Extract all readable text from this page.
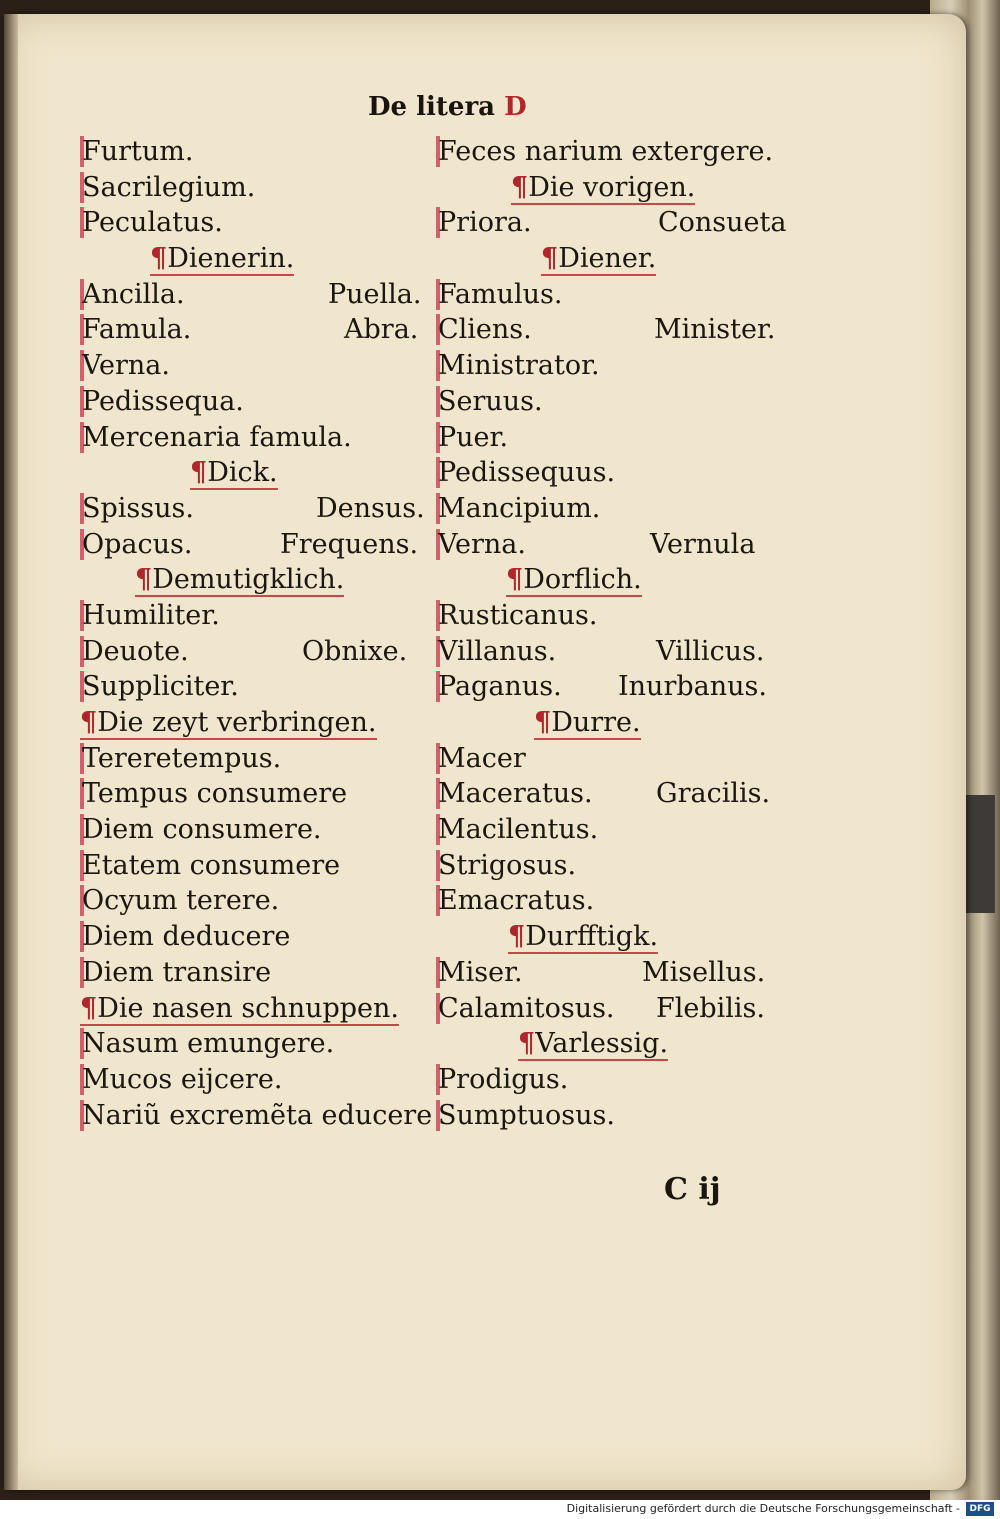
De litera D
Furtum.
Sacrilegium.
Peculatus.
¶Dienerin.
Ancilla.	Puella.
Famula.	Abra.
Verna.
Pedissequa.
Mercenaria famula.
¶Dick.
Spissus.	Densus.
Opacus.	Frequens.
¶Demutigklich.
Humiliter.
Deuote.	Obnixe.
Suppliciter.
¶Die zeyt verbringen.
Tereretempus.
Tempus consumere
Diem consumere.
Etatem consumere
Ocyum terere.
Diem deducere
Diem transire
¶Die nasen schnuppen.
Nasum emungere.
Mucos eijcere.
Nariũ excremẽta educere
Feces narium extergere.
¶Die vorigen.
Priora.	Consueta
¶Diener.
Famulus.
Cliens.	Minister.
Ministrator.
Seruus.
Puer.
Pedissequus.
Mancipium.
Verna.	Vernula
¶Dorflich.
Rusticanus.
Villanus.	Villicus.
Paganus. Inurbanus.
¶Durre.
Macer
Maceratus. Gracilis.
Macilentus.
Strigosus.
Emacratus.
¶Durfftigk.
Miser.	Misellus.
Calamitosus. Flebilis.
¶Varlessig.
Prodigus.
Sumptuosus.
C ij
Digitalisierung gefördert durch die Deutsche Forschungsgemeinschaft -	DFG
